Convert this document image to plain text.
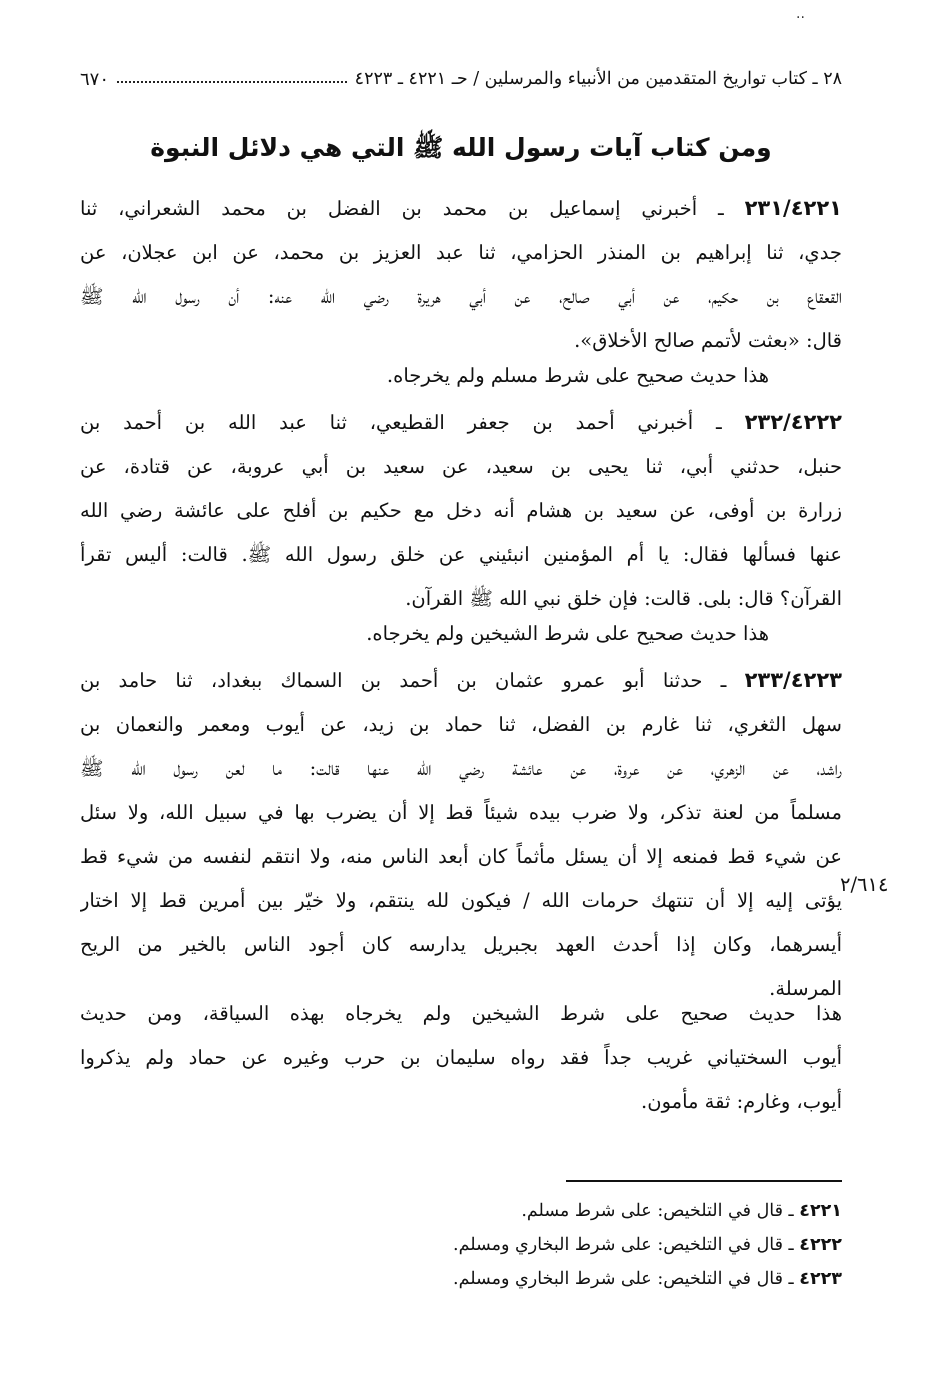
..
٢٨ ـ كتاب تواريخ المتقدمين من الأنبياء والمرسلين / حـ ٤٢٢١ ـ ٤٢٢٣
٦٧٠
ومن كتاب آيات رسول الله ﷺ التي هي دلائل النبوة
٢٣١/٤٢٢١ ـ أخبرني إسماعيل بن محمد بن الفضل بن محمد الشعراني، ثنا
جدي، ثنا إبراهيم بن المنذر الحزامي، ثنا عبد العزيز بن محمد، عن ابن عجلان، عن
القعقاع بن حكيم، عن أبي صالح، عن أبي هريرة رضي الله عنه: أن رسول الله ﷺ
قال: «بعثت لأتمم صالح الأخلاق».
هذا حديث صحيح على شرط مسلم ولم يخرجاه.
٢٣٢/٤٢٢٢ ـ أخبرني أحمد بن جعفر القطيعي، ثنا عبد الله بن أحمد بن
حنبل، حدثني أبي، ثنا يحيى بن سعيد، عن سعيد بن أبي عروبة، عن قتادة، عن
زرارة بن أوفى، عن سعيد بن هشام أنه دخل مع حكيم بن أفلح على عائشة رضي الله
عنها فسألها فقال: يا أم المؤمنين انبئيني عن خلق رسول الله ﷺ. قالت: أليس تقرأ
القرآن؟ قال: بلى. قالت: فإن خلق نبي الله ﷺ القرآن.
هذا حديث صحيح على شرط الشيخين ولم يخرجاه.
٢٣٣/٤٢٢٣ ـ حدثنا أبو عمرو عثمان بن أحمد بن السماك ببغداد، ثنا حامد بن
سهل الثغري، ثنا غارم بن الفضل، ثنا حماد بن زيد، عن أيوب ومعمر والنعمان بن
راشد، عن الزهري، عن عروة، عن عائشة رضي الله عنها قالت: ما لعن رسول الله ﷺ
مسلماً من لعنة تذكر، ولا ضرب بيده شيئاً قط إلا أن يضرب بها في سبيل الله، ولا سئل
عن شيء قط فمنعه إلا أن يسئل مأثماً كان أبعد الناس منه، ولا انتقم لنفسه من شيء قط
يؤتى إليه إلا أن تنتهك حرمات الله / فيكون لله ينتقم، ولا خيّر بين أمرين قط إلا اختار
أيسرهما، وكان إذا أحدث العهد بجبريل يدارسه كان أجود الناس بالخير من الريح
المرسلة.
٢/٦١٤
هذا حديث صحيح على شرط الشيخين ولم يخرجاه بهذه السياقة، ومن حديث
أيوب السختياني غريب جداً فقد رواه سليمان بن حرب وغيره عن حماد ولم يذكروا
أيوب، وغارم: ثقة مأمون.
٤٢٢١ ـ قال في التلخيص: على شرط مسلم.
٤٢٢٢ ـ قال في التلخيص: على شرط البخاري ومسلم.
٤٢٢٣ ـ قال في التلخيص: على شرط البخاري ومسلم.
